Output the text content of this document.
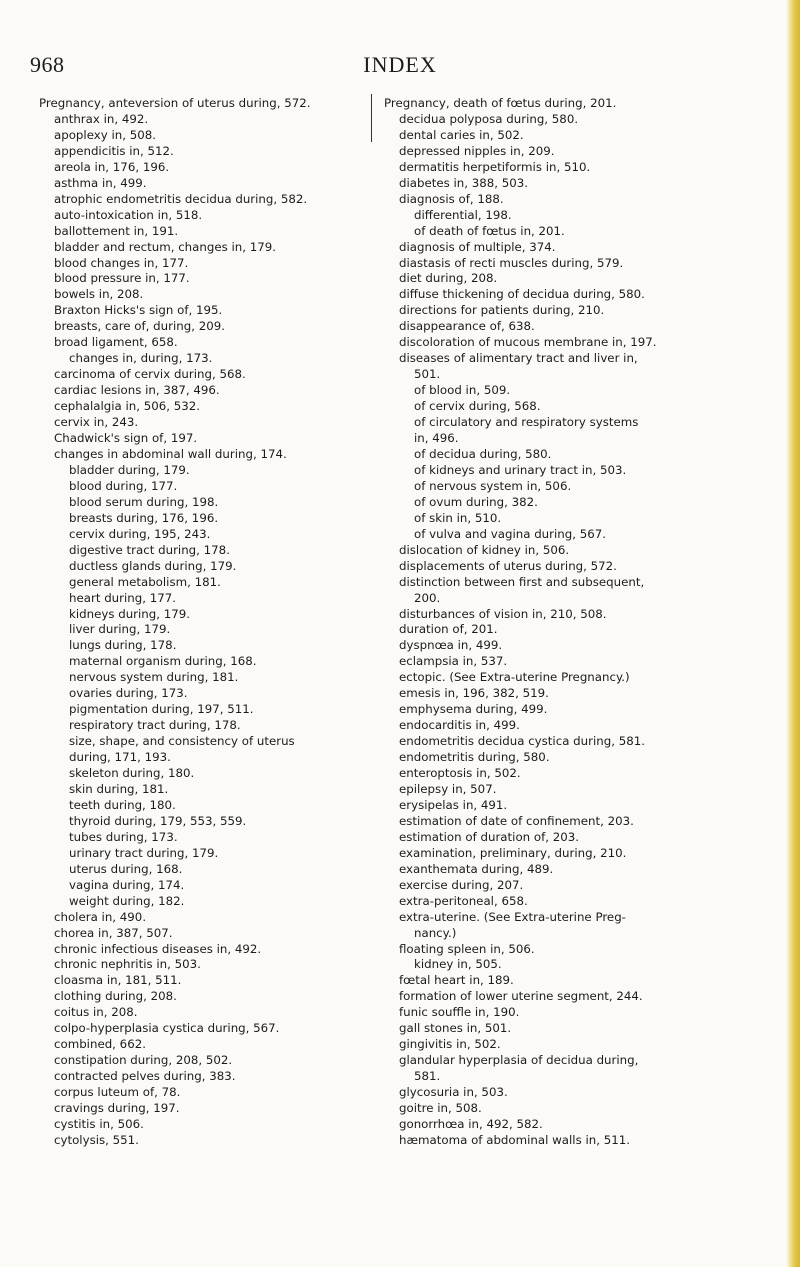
968	INDEX
Pregnancy, anteversion of uterus during, 572.
anthrax in, 492.
apoplexy in, 508.
appendicitis in, 512.
areola in, 176, 196.
asthma in, 499.
atrophic endometritis decidua during, 582.
auto-intoxication in, 518.
ballottement in, 191.
bladder and rectum, changes in, 179.
blood changes in, 177.
blood pressure in, 177.
bowels in, 208.
Braxton Hicks's sign of, 195.
breasts, care of, during, 209.
broad ligament, 658.
changes in, during, 173.
carcinoma of cervix during, 568.
cardiac lesions in, 387, 496.
cephalalgia in, 506, 532.
cervix in, 243.
Chadwick's sign of, 197.
changes in abdominal wall during, 174.
bladder during, 179.
blood during, 177.
blood serum during, 198.
breasts during, 176, 196.
cervix during, 195, 243.
digestive tract during, 178.
ductless glands during, 179.
general metabolism, 181.
heart during, 177.
kidneys during, 179.
liver during, 179.
lungs during, 178.
maternal organism during, 168.
nervous system during, 181.
ovaries during, 173.
pigmentation during, 197, 511.
respiratory tract during, 178.
size, shape, and consistency of uterus
during, 171, 193.
skeleton during, 180.
skin during, 181.
teeth during, 180.
thyroid during, 179, 553, 559.
tubes during, 173.
urinary tract during, 179.
uterus during, 168.
vagina during, 174.
weight during, 182.
cholera in, 490.
chorea in, 387, 507.
chronic infectious diseases in, 492.
chronic nephritis in, 503.
cloasma in, 181, 511.
clothing during, 208.
coitus in, 208.
colpo-hyperplasia cystica during, 567.
combined, 662.
constipation during, 208, 502.
contracted pelves during, 383.
corpus luteum of, 78.
cravings during, 197.
cystitis in, 506.
cytolysis, 551.
Pregnancy, death of fœtus during, 201.
decidua polyposa during, 580.
dental caries in, 502.
depressed nipples in, 209.
dermatitis herpetiformis in, 510.
diabetes in, 388, 503.
diagnosis of, 188.
differential, 198.
of death of fœtus in, 201.
diagnosis of multiple, 374.
diastasis of recti muscles during, 579.
diet during, 208.
diffuse thickening of decidua during, 580.
directions for patients during, 210.
disappearance of, 638.
discoloration of mucous membrane in, 197.
diseases of alimentary tract and liver in,
501.
of blood in, 509.
of cervix during, 568.
of circulatory and respiratory systems
in, 496.
of decidua during, 580.
of kidneys and urinary tract in, 503.
of nervous system in, 506.
of ovum during, 382.
of skin in, 510.
of vulva and vagina during, 567.
dislocation of kidney in, 506.
displacements of uterus during, 572.
distinction between first and subsequent,
200.
disturbances of vision in, 210, 508.
duration of, 201.
dyspnœa in, 499.
eclampsia in, 537.
ectopic. (See Extra-uterine Pregnancy.)
emesis in, 196, 382, 519.
emphysema during, 499.
endocarditis in, 499.
endometritis decidua cystica during, 581.
endometritis during, 580.
enteroptosis in, 502.
epilepsy in, 507.
erysipelas in, 491.
estimation of date of confinement, 203.
estimation of duration of, 203.
examination, preliminary, during, 210.
exanthemata during, 489.
exercise during, 207.
extra-peritoneal, 658.
extra-uterine. (See Extra-uterine Preg-
nancy.)
floating spleen in, 506.
kidney in, 505.
fœtal heart in, 189.
formation of lower uterine segment, 244.
funic souffle in, 190.
gall stones in, 501.
gingivitis in, 502.
glandular hyperplasia of decidua during,
581.
glycosuria in, 503.
goitre in, 508.
gonorrhœa in, 492, 582.
hæmatoma of abdominal walls in, 511.
